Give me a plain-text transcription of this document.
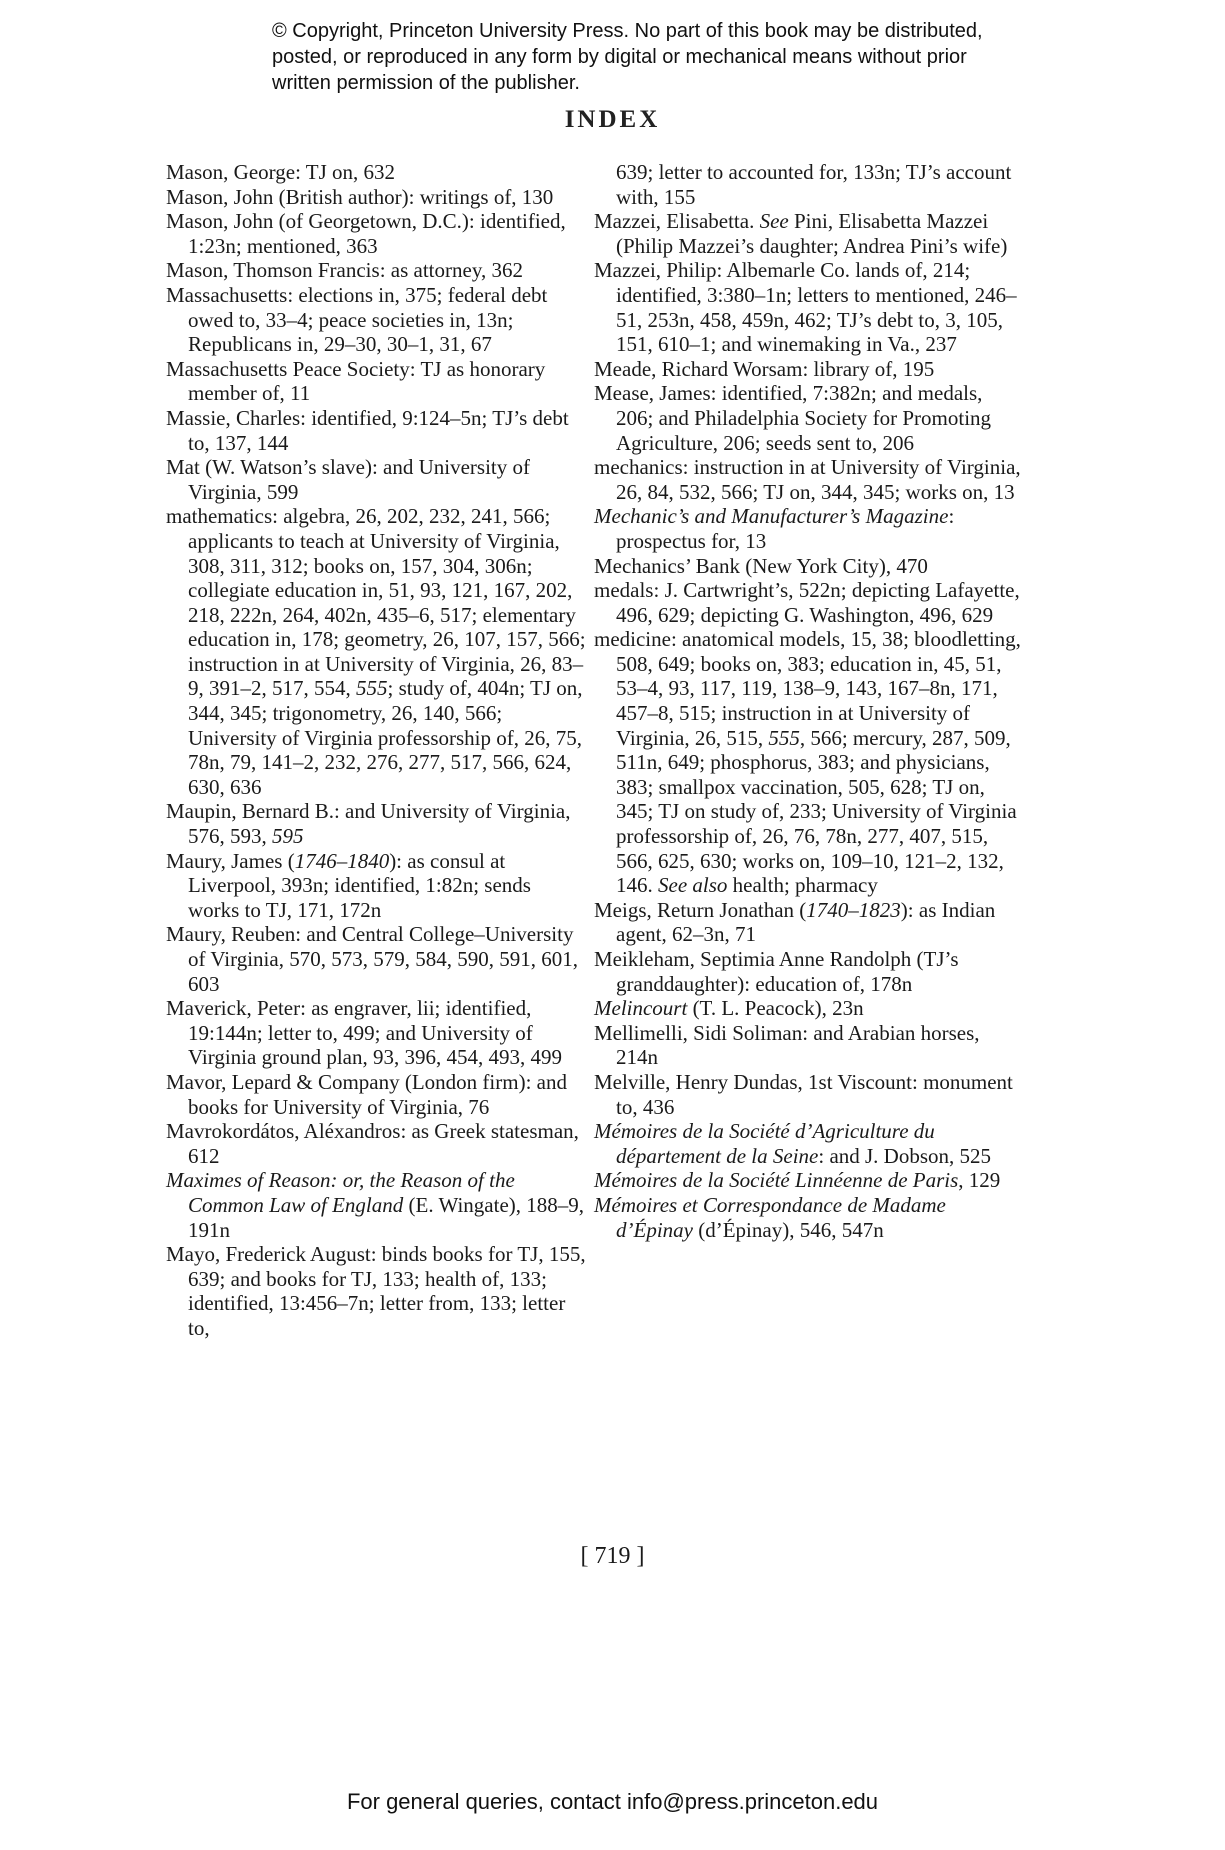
© Copyright, Princeton University Press. No part of this book may be distributed, posted, or reproduced in any form by digital or mechanical means without prior written permission of the publisher.

INDEX

Mason, George: TJ on, 632

Mason, John (British author): writings of, 130

Mason, John (of Georgetown, D.C.): identified, 1:23n; mentioned, 363

Mason, Thomson Francis: as attorney, 362

Massachusetts: elections in, 375; federal debt owed to, 33–4; peace societies in, 13n; Republicans in, 29–30, 30–1, 31, 67

Massachusetts Peace Society: TJ as honorary member of, 11

Massie, Charles: identified, 9:124–5n; TJ’s debt to, 137, 144

Mat (W. Watson’s slave): and University of Virginia, 599

mathematics: algebra, 26, 202, 232, 241, 566; applicants to teach at University of Virginia, 308, 311, 312; books on, 157, 304, 306n; collegiate education in, 51, 93, 121, 167, 202, 218, 222n, 264, 402n, 435–6, 517; elementary education in, 178; geometry, 26, 107, 157, 566; instruction in at University of Virginia, 26, 83–9, 391–2, 517, 554, 555; study of, 404n; TJ on, 344, 345; trigonometry, 26, 140, 566; University of Virginia professorship of, 26, 75, 78n, 79, 141–2, 232, 276, 277, 517, 566, 624, 630, 636

Maupin, Bernard B.: and University of Virginia, 576, 593, 595

Maury, James (1746–1840): as consul at Liverpool, 393n; identified, 1:82n; sends works to TJ, 171, 172n

Maury, Reuben: and Central College–University of Virginia, 570, 573, 579, 584, 590, 591, 601, 603

Maverick, Peter: as engraver, lii; identified, 19:144n; letter to, 499; and University of Virginia ground plan, 93, 396, 454, 493, 499

Mavor, Lepard & Company (London firm): and books for University of Virginia, 76

Mavrokordátos, Aléxandros: as Greek statesman, 612

Maximes of Reason: or, the Reason of the Common Law of England (E. Wingate), 188–9, 191n

Mayo, Frederick August: binds books for TJ, 155, 639; and books for TJ, 133; health of, 133; identified, 13:456–7n; letter from, 133; letter to,

639; letter to accounted for, 133n; TJ’s account with, 155

Mazzei, Elisabetta. See Pini, Elisabetta Mazzei (Philip Mazzei’s daughter; Andrea Pini’s wife)

Mazzei, Philip: Albemarle Co. lands of, 214; identified, 3:380–1n; letters to mentioned, 246–51, 253n, 458, 459n, 462; TJ’s debt to, 3, 105, 151, 610–1; and winemaking in Va., 237

Meade, Richard Worsam: library of, 195

Mease, James: identified, 7:382n; and medals, 206; and Philadelphia Society for Promoting Agriculture, 206; seeds sent to, 206

mechanics: instruction in at University of Virginia, 26, 84, 532, 566; TJ on, 344, 345; works on, 13

Mechanic’s and Manufacturer’s Magazine: prospectus for, 13

Mechanics’ Bank (New York City), 470

medals: J. Cartwright’s, 522n; depicting Lafayette, 496, 629; depicting G. Washington, 496, 629

medicine: anatomical models, 15, 38; bloodletting, 508, 649; books on, 383; education in, 45, 51, 53–4, 93, 117, 119, 138–9, 143, 167–8n, 171, 457–8, 515; instruction in at University of Virginia, 26, 515, 555, 566; mercury, 287, 509, 511n, 649; phosphorus, 383; and physicians, 383; smallpox vaccination, 505, 628; TJ on, 345; TJ on study of, 233; University of Virginia professorship of, 26, 76, 78n, 277, 407, 515, 566, 625, 630; works on, 109–10, 121–2, 132, 146. See also health; pharmacy

Meigs, Return Jonathan (1740–1823): as Indian agent, 62–3n, 71

Meikleham, Septimia Anne Randolph (TJ’s granddaughter): education of, 178n

Melincourt (T. L. Peacock), 23n

Mellimelli, Sidi Soliman: and Arabian horses, 214n

Melville, Henry Dundas, 1st Viscount: monument to, 436

Mémoires de la Société d’Agriculture du département de la Seine: and J. Dobson, 525

Mémoires de la Société Linnéenne de Paris, 129

Mémoires et Correspondance de Madame d’Épinay (d’Épinay), 546, 547n

[ 719 ]

For general queries, contact info@press.princeton.edu
